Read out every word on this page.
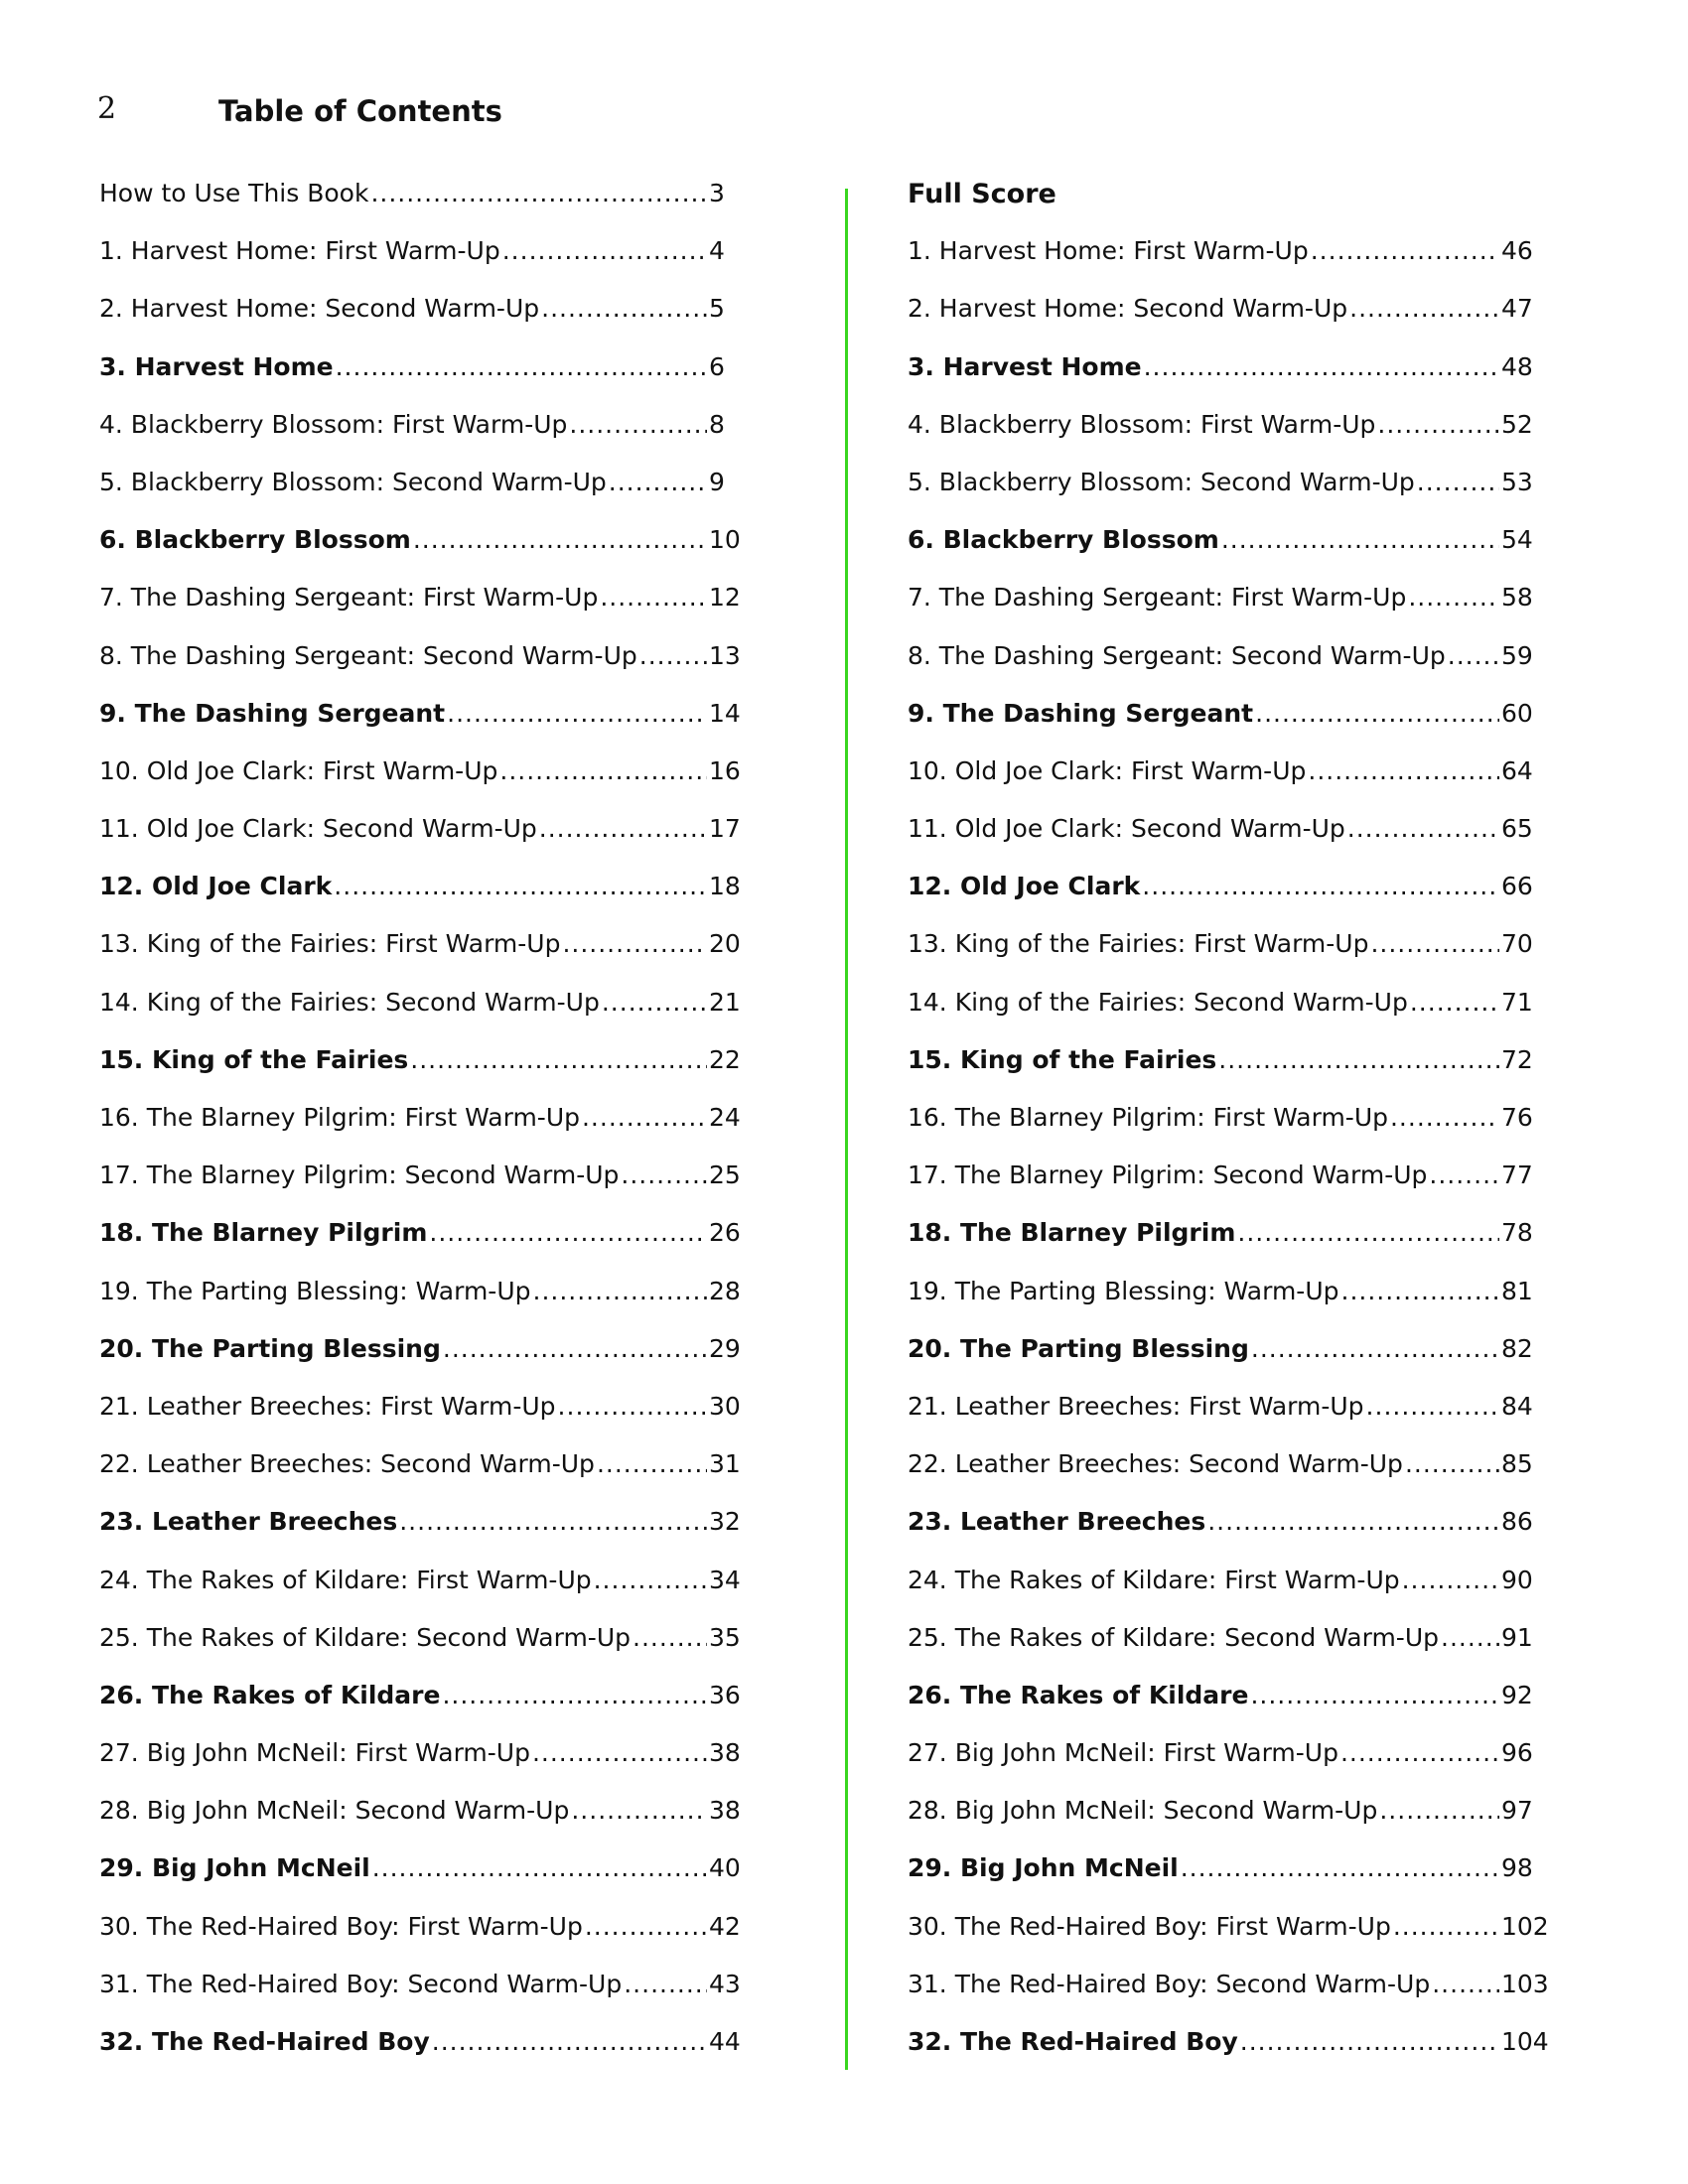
2	Table of Contents
How to Use This Book .....	3
1. Harvest Home: First Warm-Up .....	4
2. Harvest Home: Second Warm-Up .....	5
3. Harvest Home .....	6
4. Blackberry Blossom: First Warm-Up .....	8
5. Blackberry Blossom: Second Warm-Up .....	9
6. Blackberry Blossom .....	10
7. The Dashing Sergeant: First Warm-Up .....	12
8. The Dashing Sergeant: Second Warm-Up .....	13
9. The Dashing Sergeant .....	14
10. Old Joe Clark: First Warm-Up .....	16
11. Old Joe Clark: Second Warm-Up .....	17
12. Old Joe Clark .....	18
13. King of the Fairies: First Warm-Up .....	20
14. King of the Fairies: Second Warm-Up .....	21
15. King of the Fairies .....	22
16. The Blarney Pilgrim: First Warm-Up .....	24
17. The Blarney Pilgrim: Second Warm-Up .....	25
18. The Blarney Pilgrim .....	26
19. The Parting Blessing: Warm-Up .....	28
20. The Parting Blessing .....	29
21. Leather Breeches: First Warm-Up .....	30
22. Leather Breeches: Second Warm-Up .....	31
23. Leather Breeches .....	32
24. The Rakes of Kildare: First Warm-Up .....	34
25. The Rakes of Kildare: Second Warm-Up .....	35
26. The Rakes of Kildare .....	36
27. Big John McNeil: First Warm-Up .....	38
28. Big John McNeil: Second Warm-Up .....	38
29. Big John McNeil .....	40
30. The Red-Haired Boy: First Warm-Up .....	42
31. The Red-Haired Boy: Second Warm-Up .....	43
32. The Red-Haired Boy .....	44
Full Score
1. Harvest Home: First Warm-Up .....	46
2. Harvest Home: Second Warm-Up .....	47
3. Harvest Home .....	48
4. Blackberry Blossom: First Warm-Up .....	52
5. Blackberry Blossom: Second Warm-Up .....	53
6. Blackberry Blossom .....	54
7. The Dashing Sergeant: First Warm-Up .....	58
8. The Dashing Sergeant: Second Warm-Up ..... 59
9. The Dashing Sergeant .....	60
10. Old Joe Clark: First Warm-Up .....	64
11. Old Joe Clark: Second Warm-Up .....	65
12. Old Joe Clark .....	66
13. King of the Fairies: First Warm-Up .....	70
14. King of the Fairies: Second Warm-Up .....	71
15. King of the Fairies .....	72
16. The Blarney Pilgrim: First Warm-Up .....	76
17. The Blarney Pilgrim: Second Warm-Up .....	77
18. The Blarney Pilgrim .....	78
19. The Parting Blessing: Warm-Up .....	81
20. The Parting Blessing .....	82
21. Leather Breeches: First Warm-Up .....	84
22. Leather Breeches: Second Warm-Up .....	85
23. Leather Breeches .....	86
24. The Rakes of Kildare: First Warm-Up .....	90
25. The Rakes of Kildare: Second Warm-Up .....	91
26. The Rakes of Kildare .....	92
27. Big John McNeil: First Warm-Up .....	96
28. Big John McNeil: Second Warm-Up .....	97
29. Big John McNeil .....	98
30. The Red-Haired Boy: First Warm-Up .....	102
31. The Red-Haired Boy: Second Warm-Up .....	103
32. The Red-Haired Boy .....	104
